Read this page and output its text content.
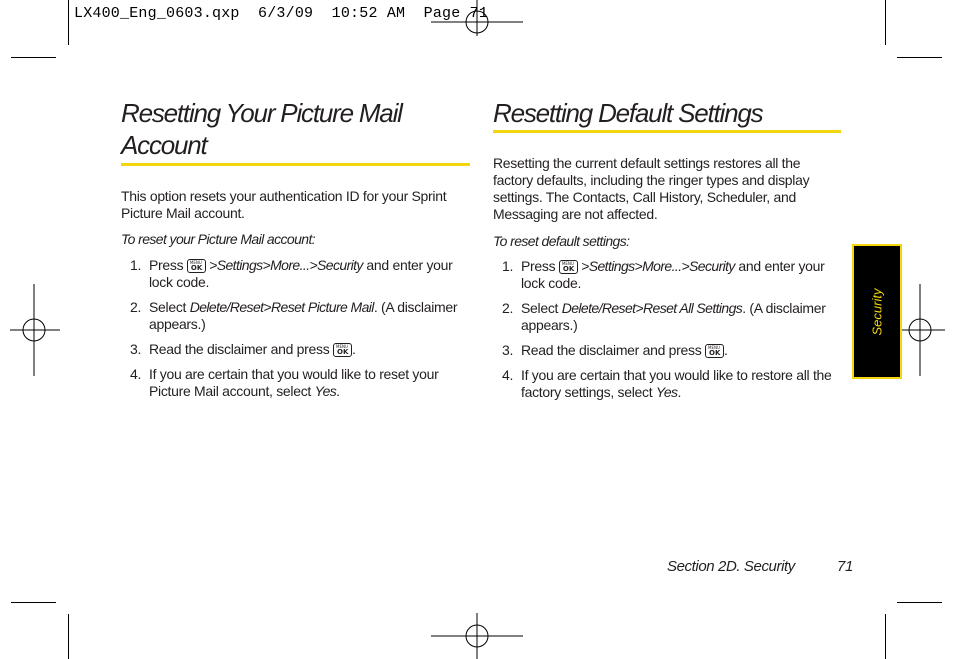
LX400_Eng_0603.qxp  6/3/09  10:52 AM  Page 71
Resetting Your Picture Mail
Account
This option resets your authentication ID for your Sprint Picture Mail account.
To reset your Picture Mail account:
1. Press MENU
OK >Settings>More...>Security and enter your lock code.
2. Select Delete/Reset>Reset Picture Mail. (A disclaimer appears.)
3. Read the disclaimer and press MENU
OK .
4. If you are certain that you would like to reset your Picture Mail account, select Yes.
Resetting Default Settings
Resetting the current default settings restores all the factory defaults, including the ringer types and display settings. The Contacts, Call History, Scheduler, and Messaging are not affected.
To reset default settings:
1. Press MENU
OK >Settings>More...>Security and enter your lock code.
2. Select Delete/Reset>Reset All Settings. (A disclaimer appears.)
3. Read the disclaimer and press MENU
OK .
4. If you are certain that you would like to restore all the factory settings, select Yes.
Security
Section 2D. Security	71
